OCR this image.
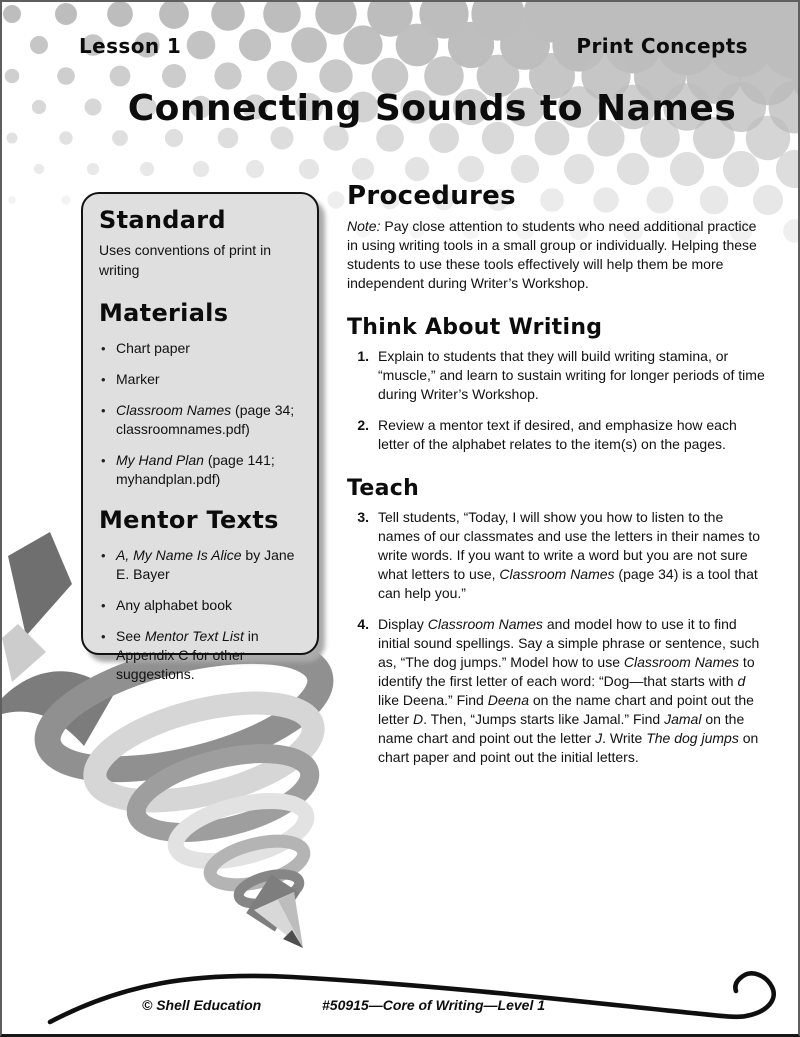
Lesson 1	Print Concepts
Connecting Sounds to Names
Standard
Uses conventions of print in writing
Materials
• Chart paper
• Marker
• Classroom Names (page 34; classroomnames.pdf)
• My Hand Plan (page 141; myhandplan.pdf)
Mentor Texts
• A, My Name Is Alice by Jane E. Bayer
• Any alphabet book
• See Mentor Text List in Appendix C for other suggestions.
Procedures

Note: Pay close attention to students who need additional practice in using writing tools in a small group or individually. Helping these students to use these tools effectively will help them be more independent during Writer’s Workshop.

Think About Writing
1. Explain to students that they will build writing stamina, or “muscle,” and learn to sustain writing for longer periods of time during Writer’s Workshop.
2. Review a mentor text if desired, and emphasize how each letter of the alphabet relates to the item(s) on the pages.
Teach
3. Tell students, “Today, I will show you how to listen to the names of our classmates and use the letters in their names to write words. If you want to write a word but you are not sure what letters to use, Classroom Names (page 34) is a tool that can help you.”
4. Display Classroom Names and model how to use it to find initial sound spellings. Say a simple phrase or sentence, such as, “The dog jumps.” Model how to use Classroom Names to identify the first letter of each word: “Dog—that starts with d like Deena.” Find Deena on the name chart and point out the letter D. Then, “Jumps starts like Jamal.” Find Jamal on the name chart and point out the letter J. Write The dog jumps on chart paper and point out the initial letters.
© Shell Education	#50915—Core of Writing—Level 1
